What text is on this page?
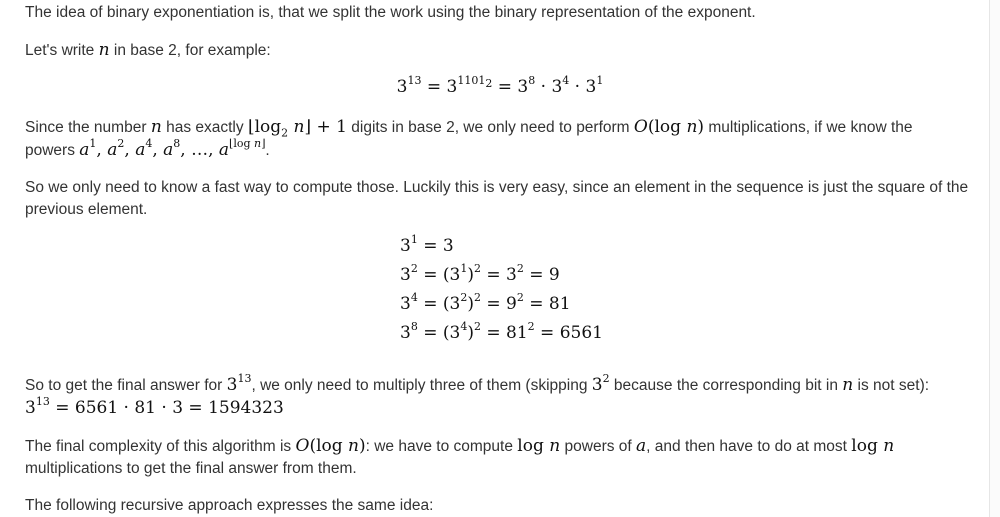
The idea of binary exponentiation is, that we split the work using the binary representation of the exponent.

Let's write n in base 2, for example:

$3^{13} = 3^{1101_2} = 3^8 \cdot 3^4 \cdot 3^1$

Since the number n has exactly $⌊\log_2$ n⌋ + 1 digits in base 2, we only need to perform O(log n) multiplications, if we know the

powers $a^1$, $a^2$, $a^4$, $a^8$, …, $a^{⌊log n⌋}$.

So we only need to know a fast way to compute those. Luckily this is very easy, since an element in the sequence is just the square of the previous element.

$3^1 = 3$
$3^2 = (3^1)^2 = 3^2 = 9$
$3^4 = (3^2)^2 = 9^2 = 81$
$3^8 = (3^4)^2 = 81^2 = 6561$

So to get the final answer for $3^{13}$, we only need to multiply three of them (skipping $3^2$ because the corresponding bit in n is not set):

$3^{13} = 6561 \cdot 81 \cdot 3 = 1594323$

The final complexity of this algorithm is O(log n): we have to compute log n powers of a, and then have to do at most log n

multiplications to get the final answer from them.

The following recursive approach expresses the same idea:
